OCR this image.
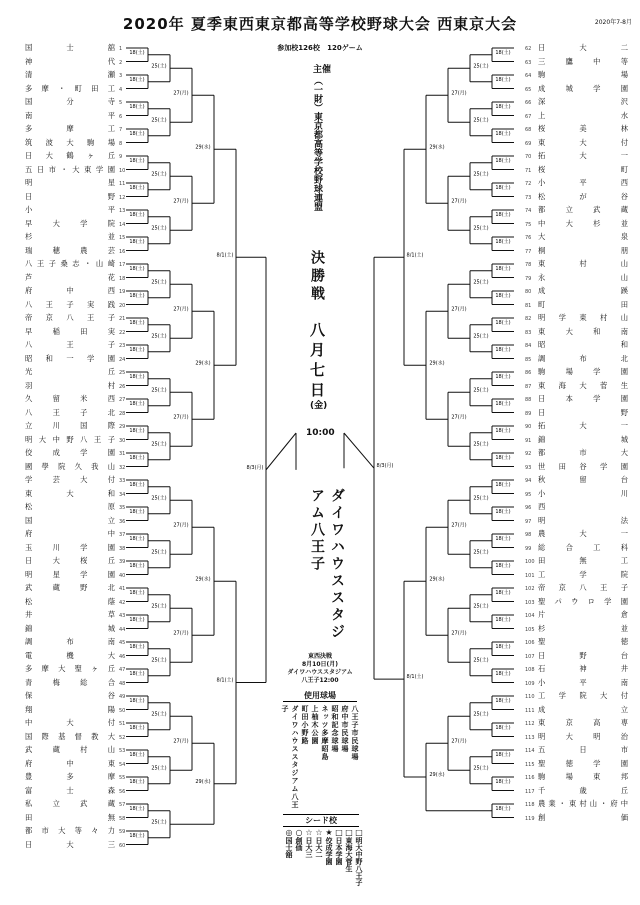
2020年 夏季東西東京都高等学校野球大会 西東京大会	2020年7-8月
参加校126校 120ゲーム
18(土)
18(土)
18(土)
18(土)
18(土)
18(土)
18(土)
18(土)
18(土)
18(土)
18(土)
18(土)
18(土)
18(土)
18(土)
18(土)
18(土)
18(土)
18(土)
18(土)
18(土)
18(土)
18(土)
18(土)
18(土)
18(土)
18(土)
18(土)
18(土)
18(土)
25(土)
25(土)
25(土)
25(土)
25(土)
25(土)
25(土)
25(土)
25(土)
25(土)
25(土)
25(土)
25(土)
25(土)
25(土)
27(月)
27(月)
27(月)
27(月)
27(月)
27(月)
27(月)
29(水)
29(水)
29(水)
29(水)
8/1(土)
8/1(土)
8/3(月)
18(土)
18(土)
18(土)
18(土)
18(土)
18(土)
18(土)
18(土)
18(土)
18(土)
18(土)
18(土)
18(土)
18(土)
18(土)
18(土)
18(土)
18(土)
18(土)
18(土)
18(土)
18(土)
18(土)
18(土)
18(土)
18(土)
18(土)
18(土)
18(土)
25(土)
25(土)
25(土)
25(土)
25(土)
25(土)
25(土)
25(土)
25(土)
25(土)
25(土)
25(土)
25(土)
25(土)
27(月)
27(月)
27(月)
27(月)
27(月)
27(月)
27(月)
29(水)
29(水)
29(水)
29(水)
8/1(土)
8/1(土)
8/3(月)
国士舘 1
神代 2
清瀬 3
多摩・町田工 4
国分寺 5
南平 6
多摩工 7
筑波大駒場 8
日大鶴ヶ丘 9
五日市・大東学園 10
明星 11
日野 12
小平 13
早大学院 14
杉並 15
瑞穂農芸 16
八王子桑志・山崎 17
芦花 18
府中西 19
八王子実践 20
帝京八王子 21
早稲田実 22
八王子 23
昭和一学園 24
光丘 25
羽村 26
久留米西 27
八王子北 28
立川国際 29
明大中野八王子 30
佼成学園 31
國學院久我山 32
学芸大付 33
東大和 34
松原 35
国立 36
府中 37
玉川学園 38
日大桜丘 39
明星学園 40
武蔵野北 41
松蔭 42
井草 43
錦城 44
調布南 45
電機大 46
多摩大聖ヶ丘 47
青梅総合 48
保谷 49
翔陽 50
中大付 51
国際基督教大 52
武蔵村山 53
府中東 54
豊多摩 55
富士森 56
私立武蔵 57
田無 58
都市大等々力 59
日大三 60
日大二
62
三鷹中等
63
駒場
64
成城学園
65
深沢
66
上水
67
桜美林
68
東大付
69
拓大一
70
桜町
71
小平西
72
松が谷
73
都立武蔵
74
中大杉並
75
大泉
76
桐朋
77
東村山
78
永山
79
成蹊
80
町田
81
明学東村山
82
東大和南
83
昭和
84
調布北
85
駒場学園
86
東海大菅生
87
日本学園
88
日野
89
拓大一
90
錦城
91
都市大
92
世田谷学園
93
秋留台
94
小川
95
西
96
明法
97
農大一
98
総合工科
99
田無工
100
工学院
101
帝京八王子
102
聖パウロ学園
103
片倉
104
杉並
105
聖徳
106
日野台
107
石神井
108
小平南
109
工学院大付
110
成立
111
東京高専
112
明大明治
113
五日市
114
聖徳学園
115
駒場東邦
116
千歳丘
117
農業・東村山・府中
118
創価
119
主催
（一財）東京都高等学校野球連盟
決勝戦
八月七日
(金)
10:00
ダイワハウススタジアム八王子
東西決戦
8月10日(月)
ダイワハウススタジアム
八王子12:00
使用球場
八王子市民球場
府中市民球場
昭和記念球場
ネッツ多摩昭島
上柚木公園
町田小野路
ダイワハウススタジアム八王子
シード校
◎
国士舘
○
創価
☆
日大三
☆
日大二
★
佼成学園
□
日本学園
□
東海大菅生
□
明大中野八王子
